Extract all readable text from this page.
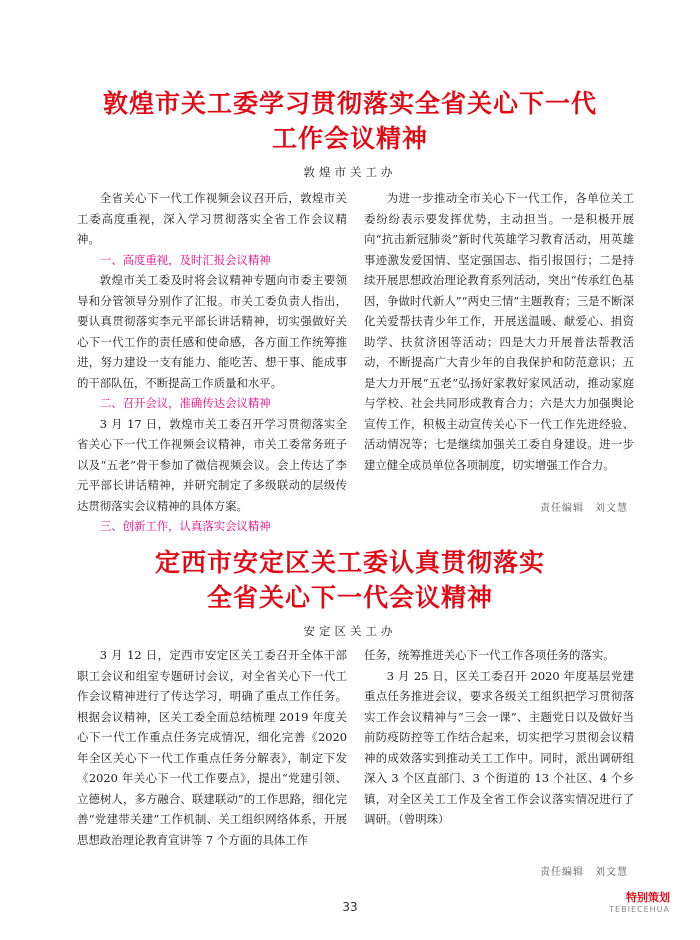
敦煌市关工委学习贯彻落实全省关心下一代
工作会议精神
敦煌市关工办

全省关心下一代工作视频会议召开后，敦煌市关工委高度重视，深入学习贯彻落实全省工作会议精神。

一、高度重视，及时汇报会议精神

敦煌市关工委及时将会议精神专题向市委主要领导和分管领导分别作了汇报。市关工委负责人指出，要认真贯彻落实李元平部长讲话精神，切实强做好关心下一代工作的责任感和使命感，各方面工作统筹推进，努力建设一支有能力、能吃苦、想干事、能成事的干部队伍，不断提高工作质量和水平。

二、召开会议，准确传达会议精神

3 月 17 日，敦煌市关工委召开学习贯彻落实全省关心下一代工作视频会议精神，市关工委常务班子以及“五老”骨干参加了微信视频会议。会上传达了李元平部长讲话精神，并研究制定了多级联动的层级传达贯彻落实会议精神的具体方案。

三、创新工作，认真落实会议精神

为进一步推动全市关心下一代工作，各单位关工委纷纷表示要发挥优势，主动担当。一是积极开展向“抗击新冠肺炎”新时代英雄学习教育活动，用英雄事迹激发爱国情、坚定强国志、指引报国行；二是持续开展思想政治理论教育系列活动，突出“传承红色基因，争做时代新人”“两史三情”主题教育；三是不断深化关爱帮扶青少年工作，开展送温暖、献爱心、捐资助学、扶贫济困等活动；四是大力开展普法帮教活动，不断提高广大青少年的自我保护和防范意识；五是大力开展“五老”弘扬好家教好家风活动，推动家庭与学校、社会共同形成教育合力；六是大力加强舆论宣传工作，积极主动宣传关心下一代工作先进经验、活动情况等；七是继续加强关工委自身建设。进一步建立健全成员单位各项制度，切实增强工作合力。

责任编辑　刘文慧
定西市安定区关工委认真贯彻落实
全省关心下一代会议精神
安定区关工办

3 月 12 日，定西市安定区关工委召开全体干部职工会议和组室专题研讨会议，对全省关心下一代工作会议精神进行了传达学习，明确了重点工作任务。根据会议精神，区关工委全面总结梳理 2019 年度关心下一代工作重点任务完成情况，细化完善《2020 年全区关心下一代工作重点任务分解表》，制定下发《2020 年关心下一代工作要点》，提出“党建引领、立德树人，多方融合、联建联动”的工作思路，细化完善“党建带关建”工作机制、关工组织网络体系，开展思想政治理论教育宣讲等 7 个方面的具体工作

任务，统筹推进关心下一代工作各项任务的落实。

3 月 25 日，区关工委召开 2020 年度基层党建重点任务推进会议，要求各级关工组织把学习贯彻落实工作会议精神与“三会一课”、主题党日以及做好当前防疫防控等工作结合起来，切实把学习贯彻会议精神的成效落实到推动关工工作中。同时，派出调研组深入 3 个区直部门、3 个街道的 13 个社区、4 个乡镇，对全区关工工作及全省工作会议落实情况进行了调研。（曾明珠）

责任编辑　刘文慧
33
特别策划
TEBIECEHUA
